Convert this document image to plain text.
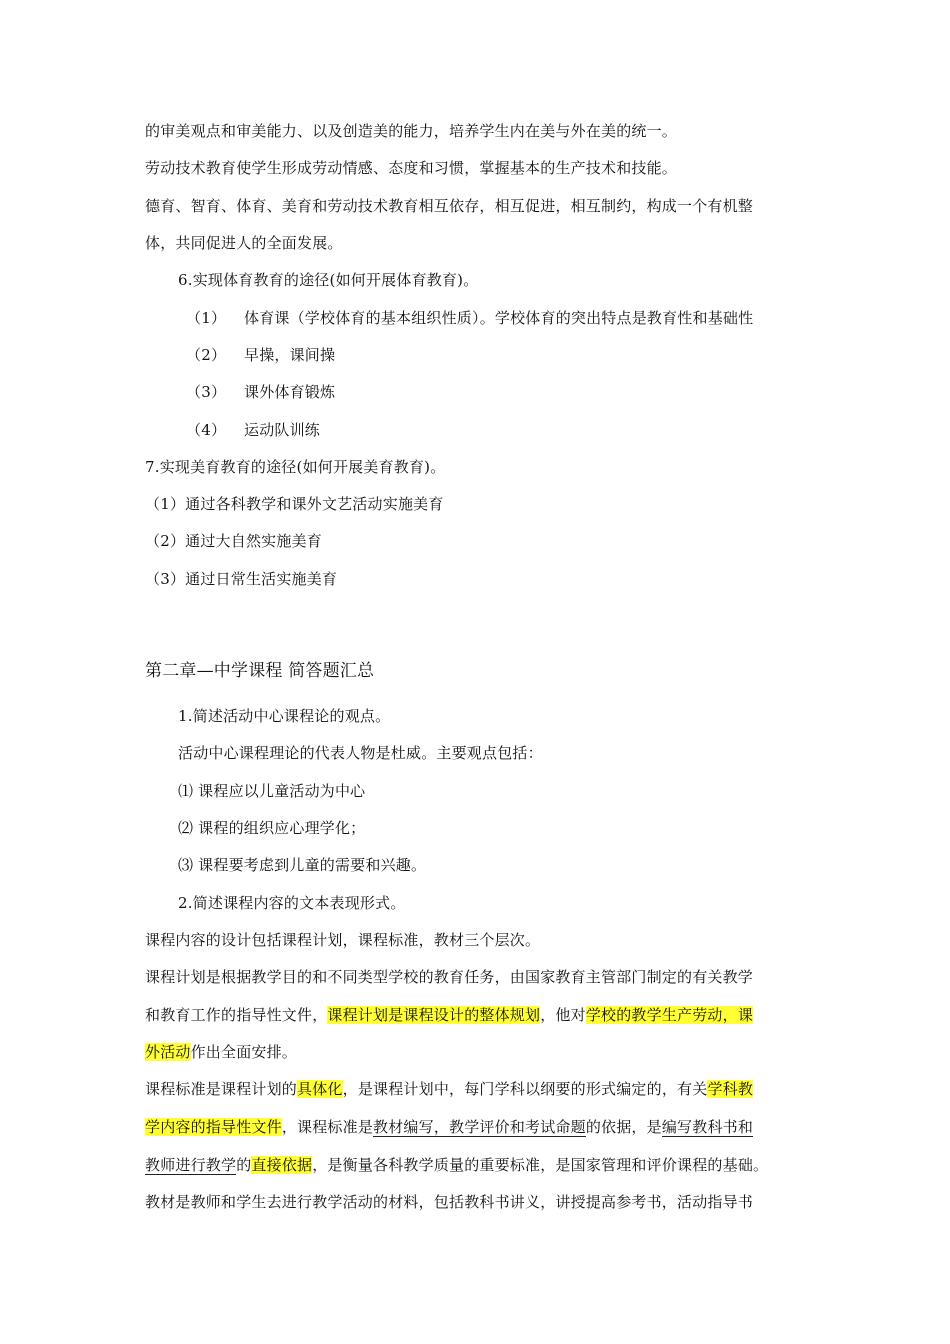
的审美观点和审美能力、以及创造美的能力，培养学生内在美与外在美的统一。
劳动技术教育使学生形成劳动情感、态度和习惯，掌握基本的生产技术和技能。
德育、智育、体育、美育和劳动技术教育相互依存，相互促进，相互制约，构成一个有机整
体，共同促进人的全面发展。
6.实现体育教育的途径(如何开展体育教育)。
（1） 体育课（学校体育的基本组织性质）。学校体育的突出特点是教育性和基础性
（2） 早操，课间操
（3） 课外体育锻炼
（4） 运动队训练
7.实现美育教育的途径(如何开展美育教育)。
（1）通过各科教学和课外文艺活动实施美育
（2）通过大自然实施美育
（3）通过日常生活实施美育
第二章—中学课程 简答题汇总
1.简述活动中心课程论的观点。
活动中心课程理论的代表人物是杜威。主要观点包括：
⑴ 课程应以儿童活动为中心
⑵ 课程的组织应心理学化；
⑶ 课程要考虑到儿童的需要和兴趣。
2.简述课程内容的文本表现形式。
课程内容的设计包括课程计划，课程标准，教材三个层次。
课程计划是根据教学目的和不同类型学校的教育任务，由国家教育主管部门制定的有关教学
和教育工作的指导性文件，课程计划是课程设计的整体规划，他对学校的教学生产劳动，课
外活动作出全面安排。
课程标准是课程计划的具体化，是课程计划中，每门学科以纲要的形式编定的，有关学科教
学内容的指导性文件，课程标准是教材编写，教学评价和考试命题的依据，是编写教科书和
教师进行教学的直接依据，是衡量各科教学质量的重要标准，是国家管理和评价课程的基础。
教材是教师和学生去进行教学活动的材料，包括教科书讲义，讲授提高参考书，活动指导书
